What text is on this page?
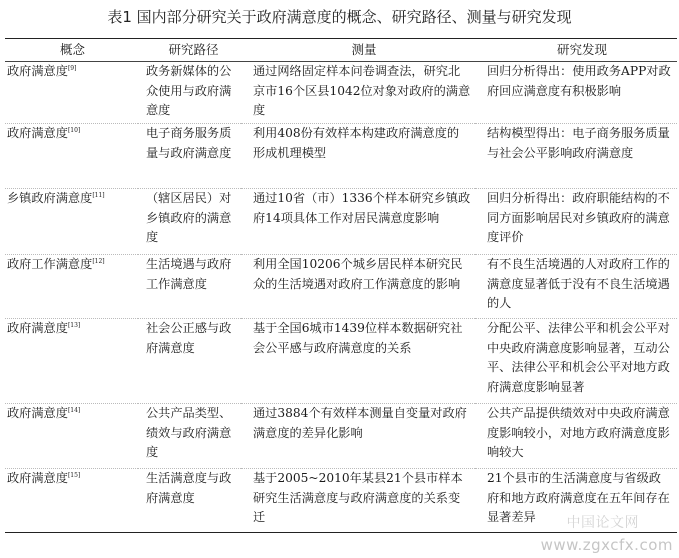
表1 国内部分研究关于政府满意度的概念、研究路径、测量与研究发现
概念	研究路径	测量	研究发现
政府满意度[9]	政务新媒体的公众使用与政府满意度	通过网络固定样本问卷调查法，研究北京市16个区县1042位对象对政府的满意度	回归分析得出：使用政务APP对政府回应满意度有积极影响
政府满意度[10]	电子商务服务质量与政府满意度	利用408份有效样本构建政府满意度的形成机理模型	结构模型得出：电子商务服务质量与社会公平影响政府满意度
乡镇政府满意度[11]	（辖区居民）对乡镇政府的满意度	通过10省（市）1336个样本研究乡镇政府14项具体工作对居民满意度影响	回归分析得出：政府职能结构的不同方面影响居民对乡镇政府的满意度评价
政府工作满意度[12]	生活境遇与政府工作满意度	利用全国10206个城乡居民样本研究民众的生活境遇对政府工作满意度的影响	有不良生活境遇的人对政府工作的满意度显著低于没有不良生活境遇的人
政府满意度[13]	社会公正感与政府满意度	基于全国6城市1439位样本数据研究社会公平感与政府满意度的关系	分配公平、法律公平和机会公平对中央政府满意度影响显著，互动公平、法律公平和机会公平对地方政府满意度影响显著
政府满意度[14]	公共产品类型、绩效与政府满意度	通过3884个有效样本测量自变量对政府满意度的差异化影响	公共产品提供绩效对中央政府满意度影响较小，对地方政府满意度影响较大
政府满意度[15]	生活满意度与政府满意度	基于2005~2010年某县21个县市样本研究生活满意度与政府满意度的关系变迁	21个县市的生活满意度与省级政府和地方政府满意度在五年间存在显著差异 中国论文网
www.zgxcfx.com
